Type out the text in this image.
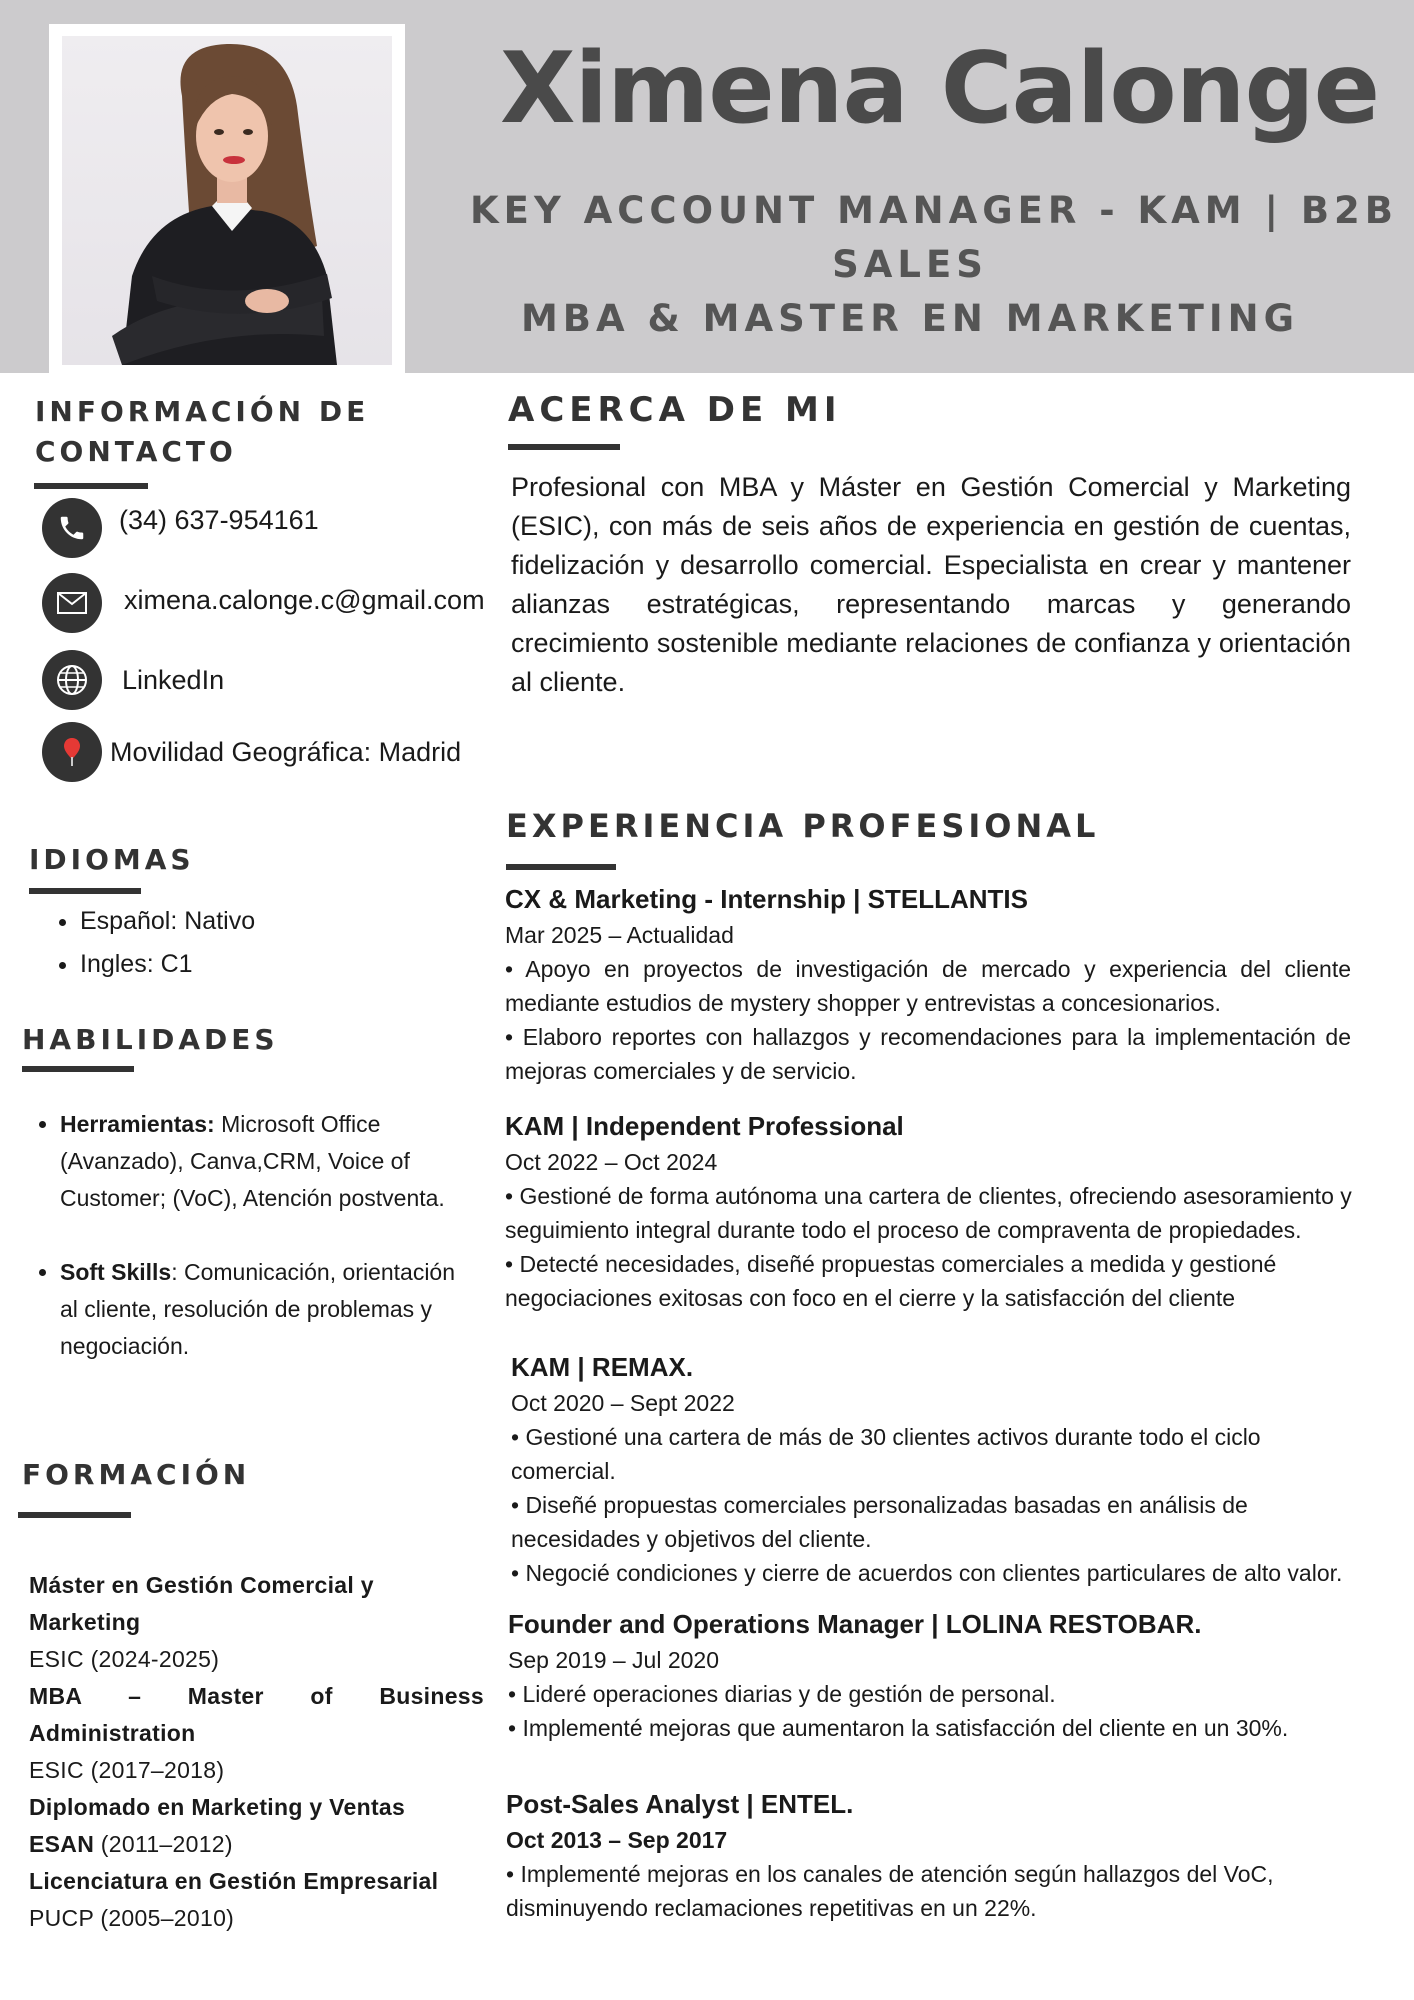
Ximena Calonge
KEY ACCOUNT MANAGER - KAM | B2B
SALES
MBA & MASTER EN MARKETING
INFORMACIÓN DE
CONTACTO
(34) 637-954161
ximena.calonge.c@gmail.com
LinkedIn
Movilidad Geográfica: Madrid
IDIOMAS
• Español: Nativo
• Ingles: C1
HABILIDADES
• Herramientas: Microsoft Office (Avanzado), Canva,CRM, Voice of Customer; (VoC), Atención postventa.
• Soft Skills: Comunicación, orientación al cliente, resolución de problemas y negociación.
FORMACIÓN
Máster en Gestión Comercial y Marketing
ESIC (2024-2025)
MBA – Master of Business Administration
ESIC (2017–2018)
Diplomado en Marketing y Ventas
ESAN (2011–2012)
Licenciatura en Gestión Empresarial
PUCP (2005–2010)
ACERCA DE MI
Profesional con MBA y Máster en Gestión Comercial y Marketing (ESIC), con más de seis años de experiencia en gestión de cuentas, fidelización y desarrollo comercial. Especialista en crear y mantener alianzas estratégicas, representando marcas y generando crecimiento sostenible mediante relaciones de confianza y orientación al cliente.
EXPERIENCIA PROFESIONAL
CX & Marketing - Internship | STELLANTIS
Mar 2025 – Actualidad
• Apoyo en proyectos de investigación de mercado y experiencia del cliente mediante estudios de mystery shopper y entrevistas a concesionarios.
• Elaboro reportes con hallazgos y recomendaciones para la implementación de mejoras comerciales y de servicio.
KAM | Independent Professional
Oct 2022 – Oct 2024
• Gestioné de forma autónoma una cartera de clientes, ofreciendo asesoramiento y seguimiento integral durante todo el proceso de compraventa de propiedades.
• Detecté necesidades, diseñé propuestas comerciales a medida y gestioné negociaciones exitosas con foco en el cierre y la satisfacción del cliente
KAM | REMAX.
Oct 2020 – Sept 2022
• Gestioné una cartera de más de 30 clientes activos durante todo el ciclo comercial.
• Diseñé propuestas comerciales personalizadas basadas en análisis de necesidades y objetivos del cliente.
• Negocié condiciones y cierre de acuerdos con clientes particulares de alto valor.
Founder and Operations Manager | LOLINA RESTOBAR.
Sep 2019 – Jul 2020
• Lideré operaciones diarias y de gestión de personal.
• Implementé mejoras que aumentaron la satisfacción del cliente en un 30%.
Post-Sales Analyst | ENTEL.
Oct 2013 – Sep 2017
• Implementé mejoras en los canales de atención según hallazgos del VoC, disminuyendo reclamaciones repetitivas en un 22%.
